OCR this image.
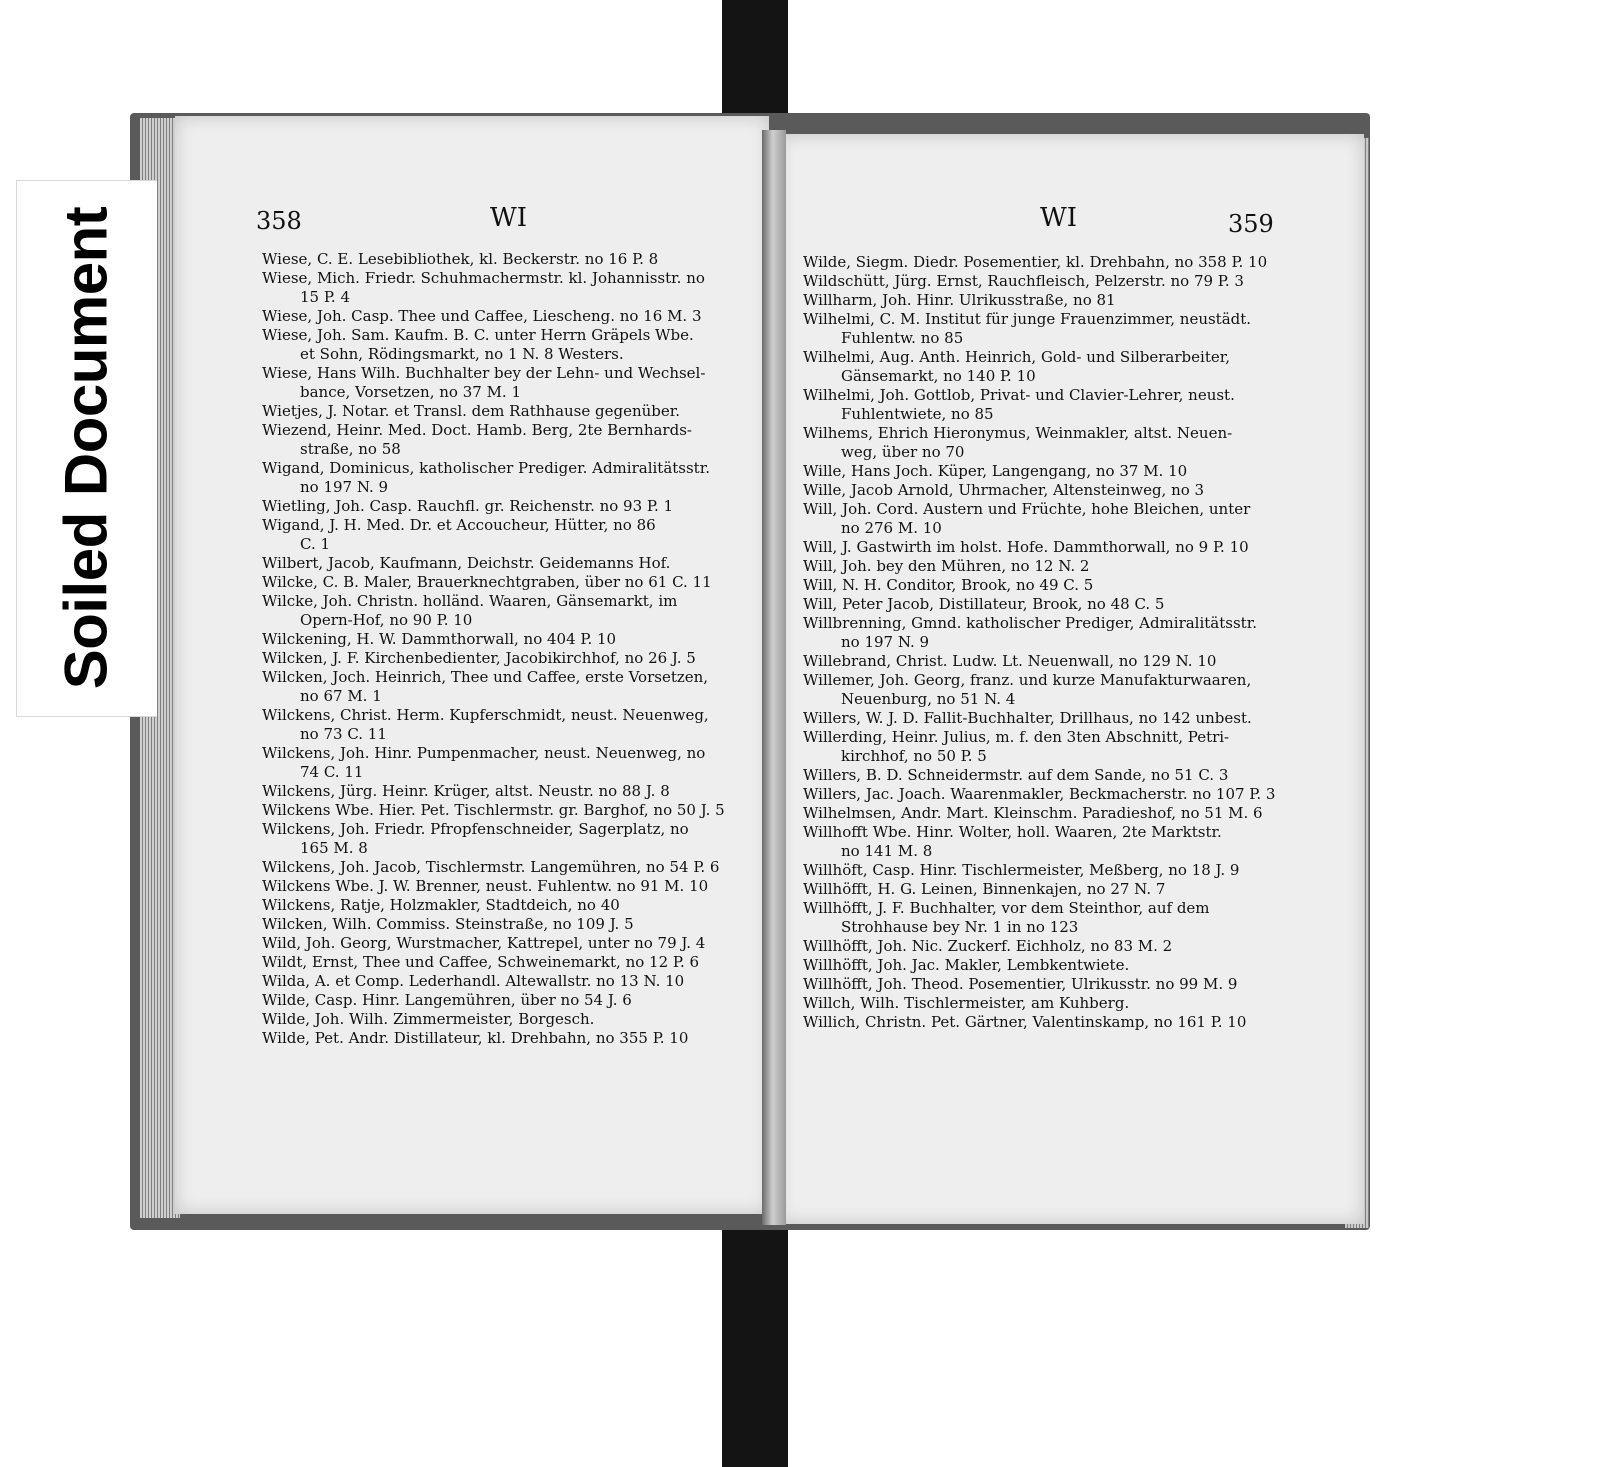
Soiled Document	358	WI	WI	359
Wiese, C. E. Lesebibliothek, kl. Beckerstr. no 16 P. 8
Wiese, Mich. Friedr. Schuhmachermstr. kl. Johannisstr. no
15 P. 4
Wiese, Joh. Casp. Thee und Caffee, Liescheng. no 16 M. 3
Wiese, Joh. Sam. Kaufm. B. C. unter Herrn Gräpels Wbe.
et Sohn, Rödingsmarkt, no 1 N. 8 Westers.
Wiese, Hans Wilh. Buchhalter bey der Lehn- und Wechsel-
bance, Vorsetzen, no 37 M. 1
Wietjes, J. Notar. et Transl. dem Rathhause gegenüber.
Wiezend, Heinr. Med. Doct. Hamb. Berg, 2te Bernhards-
straße, no 58
Wigand, Dominicus, katholischer Prediger. Admiralitätsstr.
no 197 N. 9
Wietling, Joh. Casp. Rauchfl. gr. Reichenstr. no 93 P. 1
Wigand, J. H. Med. Dr. et Accoucheur, Hütter, no 86
C. 1
Wilbert, Jacob, Kaufmann, Deichstr. Geidemanns Hof.
Wilcke, C. B. Maler, Brauerknechtgraben, über no 61 C. 11
Wilcke, Joh. Christn. holländ. Waaren, Gänsemarkt, im
Opern-Hof, no 90 P. 10
Wilckening, H. W. Dammthorwall, no 404 P. 10
Wilcken, J. F. Kirchenbedienter, Jacobikirchhof, no 26 J. 5
Wilcken, Joch. Heinrich, Thee und Caffee, erste Vorsetzen,
no 67 M. 1
Wilckens, Christ. Herm. Kupferschmidt, neust. Neuenweg,
no 73 C. 11
Wilckens, Joh. Hinr. Pumpenmacher, neust. Neuenweg, no
74 C. 11
Wilckens, Jürg. Heinr. Krüger, altst. Neustr. no 88 J. 8
Wilckens Wbe. Hier. Pet. Tischlermstr. gr. Barghof, no 50 J. 5
Wilckens, Joh. Friedr. Pfropfenschneider, Sagerplatz, no
165 M. 8
Wilckens, Joh. Jacob, Tischlermstr. Langemühren, no 54 P. 6
Wilckens Wbe. J. W. Brenner, neust. Fuhlentw. no 91 M. 10
Wilckens, Ratje, Holzmakler, Stadtdeich, no 40
Wilcken, Wilh. Commiss. Steinstraße, no 109 J. 5
Wild, Joh. Georg, Wurstmacher, Kattrepel, unter no 79 J. 4
Wildt, Ernst, Thee und Caffee, Schweinemarkt, no 12 P. 6
Wilda, A. et Comp. Lederhandl. Altewallstr. no 13 N. 10
Wilde, Casp. Hinr. Langemühren, über no 54 J. 6
Wilde, Joh. Wilh. Zimmermeister, Borgesch.
Wilde, Pet. Andr. Distillateur, kl. Drehbahn, no 355 P. 10
Wilde, Siegm. Diedr. Posementier, kl. Drehbahn, no 358 P. 10
Wildschütt, Jürg. Ernst, Rauchfleisch, Pelzerstr. no 79 P. 3
Willharm, Joh. Hinr. Ulrikusstraße, no 81
Wilhelmi, C. M. Institut für junge Frauenzimmer, neustädt.
Fuhlentw. no 85
Wilhelmi, Aug. Anth. Heinrich, Gold- und Silberarbeiter,
Gänsemarkt, no 140 P. 10
Wilhelmi, Joh. Gottlob, Privat- und Clavier-Lehrer, neust.
Fuhlentwiete, no 85
Wilhems, Ehrich Hieronymus, Weinmakler, altst. Neuen-
weg, über no 70
Wille, Hans Joch. Küper, Langengang, no 37 M. 10
Wille, Jacob Arnold, Uhrmacher, Altensteinweg, no 3
Will, Joh. Cord. Austern und Früchte, hohe Bleichen, unter
no 276 M. 10
Will, J. Gastwirth im holst. Hofe. Dammthorwall, no 9 P. 10
Will, Joh. bey den Mühren, no 12 N. 2
Will, N. H. Conditor, Brook, no 49 C. 5
Will, Peter Jacob, Distillateur, Brook, no 48 C. 5
Willbrenning, Gmnd. katholischer Prediger, Admiralitätsstr.
no 197 N. 9
Willebrand, Christ. Ludw. Lt. Neuenwall, no 129 N. 10
Willemer, Joh. Georg, franz. und kurze Manufakturwaaren,
Neuenburg, no 51 N. 4
Willers, W. J. D. Fallit-Buchhalter, Drillhaus, no 142 unbest.
Willerding, Heinr. Julius, m. f. den 3ten Abschnitt, Petri-
kirchhof, no 50 P. 5
Willers, B. D. Schneidermstr. auf dem Sande, no 51 C. 3
Willers, Jac. Joach. Waarenmakler, Beckmacherstr. no 107 P. 3
Wilhelmsen, Andr. Mart. Kleinschm. Paradieshof, no 51 M. 6
Willhofft Wbe. Hinr. Wolter, holl. Waaren, 2te Marktstr.
no 141 M. 8
Willhöft, Casp. Hinr. Tischlermeister, Meßberg, no 18 J. 9
Willhöfft, H. G. Leinen, Binnenkajen, no 27 N. 7
Willhöfft, J. F. Buchhalter, vor dem Steinthor, auf dem
Strohhause bey Nr. 1 in no 123
Willhöfft, Joh. Nic. Zuckerf. Eichholz, no 83 M. 2
Willhöfft, Joh. Jac. Makler, Lembkentwiete.
Willhöfft, Joh. Theod. Posementier, Ulrikusstr. no 99 M. 9
Willch, Wilh. Tischlermeister, am Kuhberg.
Willich, Christn. Pet. Gärtner, Valentinskamp, no 161 P. 10
